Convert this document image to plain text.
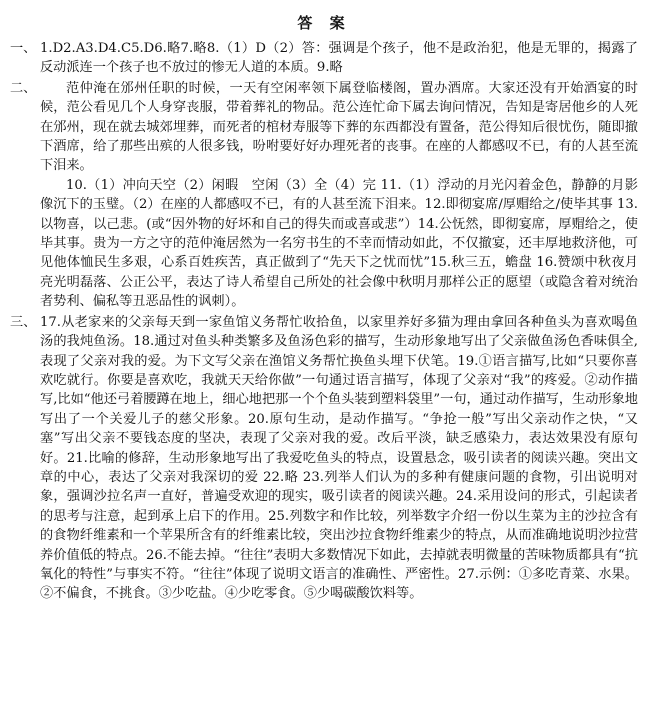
答 案
一、 1.D2.A3.D4.C5.D6.略7.略8.（1）D（2）答：强调是个孩子，他不是政治犯，他是无罪的，揭露了反动派连一个孩子也不放过的惨无人道的本质。9.略

二、	范仲淹在邠州任职的时候，一天有空闲率领下属登临楼阁，置办酒席。大家还没有开始酒宴的时候，范公看见几个人身穿丧服，带着葬礼的物品。范公连忙命下属去询问情况，告知是寄居他乡的人死在邠州，现在就去城郊埋葬，而死者的棺材寿服等下葬的东西都没有置备，范公得知后很忧伤，随即撤下酒席，给了那些出殡的人很多钱，吩咐要好好办理死者的丧事。在座的人都感叹不已，有的人甚至流下泪来。

10.（1）冲向天空（2）闲暇　空闲（3）全（4）完 11.（1）浮动的月光闪着金色，静静的月影像沉下的玉璧。（2）在座的人都感叹不已，有的人甚至流下泪来。12.即彻宴席/厚赗给之/使毕其事 13.以物喜，以己悲。(或“因外物的好坏和自己的得失而或喜或悲”）14.公怃然，即彻宴席，厚赗给之，使毕其事。贵为一方之守的范仲淹居然为一名穷书生的不幸而情动如此，不仅撤宴，还丰厚地救济他，可见他体恤民生多艰，心系百姓疾苦，真正做到了“先天下之忧而忧”15.秋三五，蟾盘 16.赞颂中秋夜月亮光明磊落、公正公平，表达了诗人希望自己所处的社会像中秋明月那样公正的愿望（或隐含着对统治者势利、偏私等丑恶品性的讽刺）。

三、 17.从老家来的父亲每天到一家鱼馆义务帮忙收拾鱼，以家里养好多猫为理由拿回各种鱼头为喜欢喝鱼汤的我炖鱼汤。18.通过对鱼头种类繁多及鱼汤色彩的描写，生动形象地写出了父亲做鱼汤色香味俱全,表现了父亲对我的爱。为下文写父亲在渔馆义务帮忙换鱼头埋下伏笔。19.①语言描写,比如“只要你喜欢吃就行。你要是喜欢吃，我就天天给你做”一句通过语言描写，体现了父亲对“我”的疼爱。②动作描写,比如“他还弓着腰蹲在地上，细心地把那一个个鱼头装到塑料袋里”一句，通过动作描写，生动形象地写出了一个关爱儿子的慈父形象。20.原句生动，是动作描写。“争抢一般”写出父亲动作之快，“又塞”写出父亲不要钱态度的坚决，表现了父亲对我的爱。改后平淡，缺乏感染力，表达效果没有原句好。21.比喻的修辞，生动形象地写出了我爱吃鱼头的特点，设置悬念，吸引读者的阅读兴趣。突出文章的中心，表达了父亲对我深切的爱 22.略 23.列举人们认为的多种有健康问题的食物，引出说明对象，强调沙拉名声一直好，普遍受欢迎的现实，吸引读者的阅读兴趣。24.采用设问的形式，引起读者的思考与注意，起到承上启下的作用。25.列数字和作比较，列举数字介绍一份以生菜为主的沙拉含有的食物纤维素和一个苹果所含有的纤维素比较，突出沙拉食物纤维素少的特点，从而准确地说明沙拉营养价值低的特点。26.不能去掉。“往往”表明大多数情况下如此，去掉就表明微量的苦味物质都具有“抗氧化的特性”与事实不符。“往往”体现了说明文语言的准确性、严密性。27.示例：①多吃青菜、水果。②不偏食，不挑食。③少吃盐。④少吃零食。⑤少喝碳酸饮料等。
